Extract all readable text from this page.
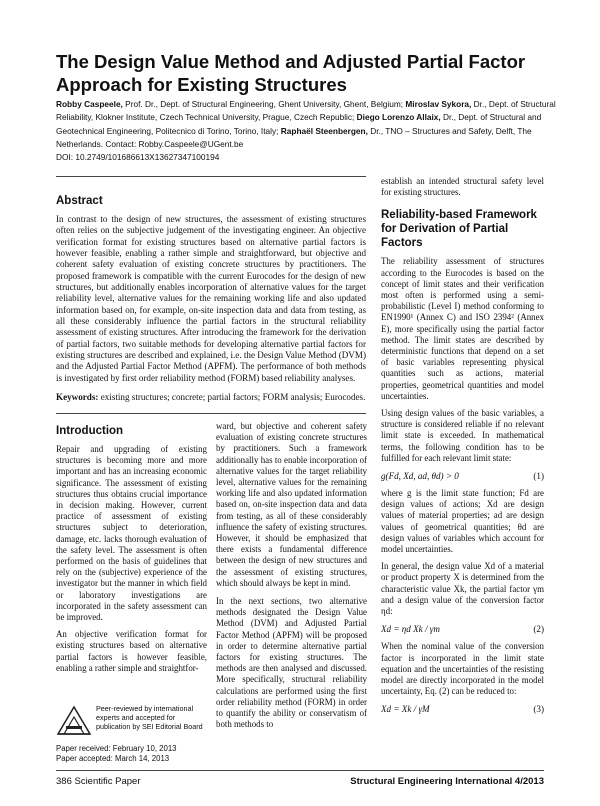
The Design Value Method and Adjusted Partial Factor Approach for Existing Structures
Robby Caspeele, Prof. Dr., Dept. of Structural Engineering, Ghent University, Ghent, Belgium; Miroslav Sykora, Dr., Dept. of Structural Reliability, Klokner Institute, Czech Technical University, Prague, Czech Republic; Diego Lorenzo Allaix, Dr., Dept. of Structural and Geotechnical Engineering, Politecnico di Torino, Torino, Italy; Raphaël Steenbergen, Dr., TNO – Structures and Safety, Delft, The Netherlands. Contact: Robby.Caspeele@UGent.be
DOI: 10.2749/101686613X13627347100194
Abstract

In contrast to the design of new structures, the assessment of existing structures often relies on the subjective judgement of the investigating engineer. An objective verification format for existing structures based on alternative partial factors is however feasible, enabling a rather simple and straightforward, but objective and coherent safety evaluation of existing concrete structures by practitioners. The proposed framework is compatible with the current Eurocodes for the design of new structures, but additionally enables incorporation of alternative values for the target reliability level, alternative values for the remaining working life and also updated information based on, for example, on-site inspection data and data from testing, as all these considerably influence the partial factors in the structural reliability assessment of existing structures. After introducing the framework for the derivation of partial factors, two suitable methods for developing alternative partial factors for existing structures are described and explained, i.e. the Design Value Method (DVM) and the Adjusted Partial Factor Method (APFM). The performance of both methods is investigated by first order reliability method (FORM) based reliability analyses.

Keywords: existing structures; concrete; partial factors; FORM analysis; Eurocodes.

Introduction

Repair and upgrading of existing structures is becoming more and more important and has an increasing economic significance. The assessment of existing structures thus obtains crucial importance in decision making. However, current practice of assessment of existing structures subject to deterioration, damage, etc. lacks thorough evaluation of the safety level. The assessment is often performed on the basis of guidelines that rely on the (subjective) experience of the investigator but the manner in which field or laboratory investigations are incorporated in the safety assessment can be improved.

An objective verification format for existing structures based on alternative partial factors is however feasible, enabling a rather simple and straightfor-

ward, but objective and coherent safety evaluation of existing concrete structures by practitioners. Such a framework additionally has to enable incorporation of alternative values for the target reliability level, alternative values for the remaining working life and also updated information based on, on-site inspection data and data from testing, as all of these considerably influence the safety of existing structures. However, it should be emphasized that there exists a fundamental difference between the design of new structures and the assessment of existing structures, which should always be kept in mind.

In the next sections, two alternative methods designated the Design Value Method (DVM) and Adjusted Partial Factor Method (APFM) will be proposed in order to determine alternative partial factors for existing structures. The methods are then analysed and discussed. More specifically, structural reliability calculations are performed using the first order reliability method (FORM) in order to quantify the ability or conservatism of both methods to

Peer-reviewed by international experts and accepted for publication by SEI Editorial Board
Paper received: February 10, 2013
Paper accepted: March 14, 2013

establish an intended structural safety level for existing structures.

Reliability-based Framework for Derivation of Partial Factors

The reliability assessment of structures according to the Eurocodes is based on the concept of limit states and their verification most often is performed using a semi-probabilistic (Level I) method conforming to EN1990¹ (Annex C) and ISO 2394² (Annex E), more specifically using the partial factor method. The limit states are described by deterministic functions that depend on a set of basic variables representing physical quantities such as actions, material properties, geometrical quantities and model uncertainties.

Using design values of the basic variables, a structure is considered reliable if no relevant limit state is exceeded. In mathematical terms, the following condition has to be fulfilled for each relevant limit state:

g(Fd, Xd, ad, θd) > 0	(1)

where g is the limit state function; Fd are design values of actions; Xd are design values of material properties; ad are design values of geometrical quantities; θd are design values of variables which account for model uncertainties.

In general, the design value Xd of a material or product property X is determined from the characteristic value Xk, the partial factor γm and a design value of the conversion factor ηd:

Xd = ηd Xk / γm	(2)

When the nominal value of the conversion factor is incorporated in the limit state equation and the uncertainties of the resisting model are directly incorporated in the model uncertainty, Eq. (2) can be reduced to:

Xd = Xk / γM	(3)
386 Scientific Paper	Structural Engineering International 4/2013
